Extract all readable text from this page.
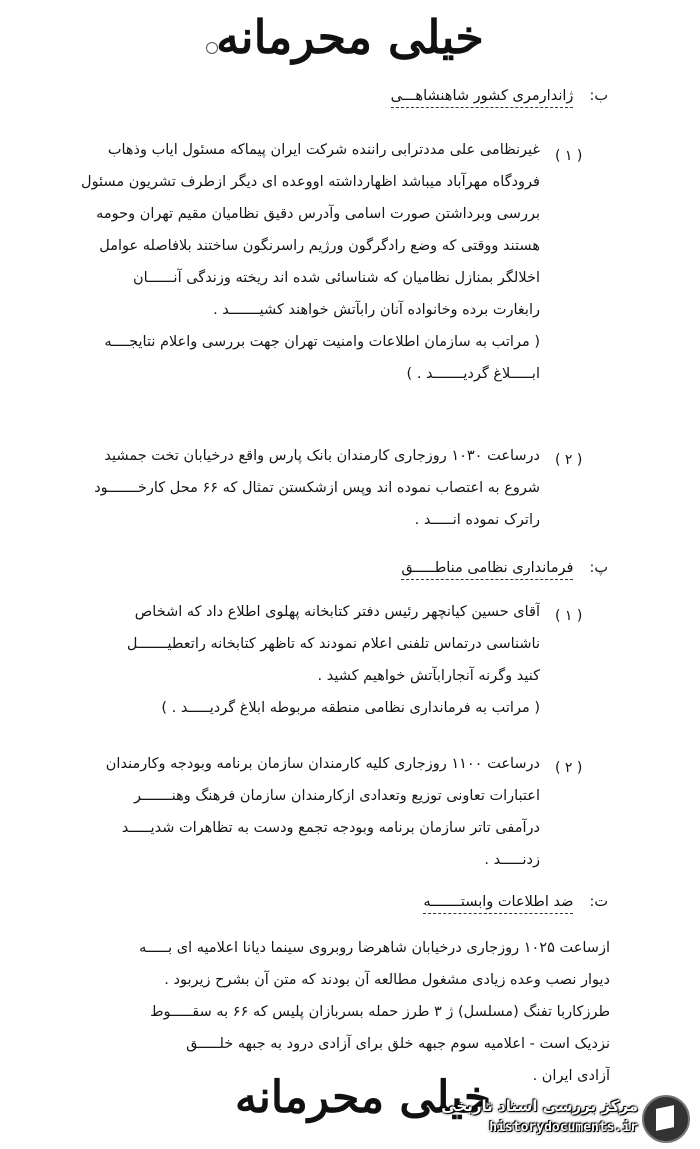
خیلی محرمانه
ب: ژاندارمری کشور شاهنشاهـــی
( ۱ )
غیرنظامی علی مددترابی راننده شرکت ایران پیماکه مسئول ایاب وذهاب
فرودگاه مهرآباد میباشد اظهارداشته اووعده ای دیگر ازطرف تشریون مسئول
بررسی وبرداشتن صورت اسامی وآدرس دقیق نظامیان مقیم تهران وحومه
هستند ووقتی که وضع رادگرگون ورژیم راسرنگون ساختند بلافاصله عوامل
اخلالگر بمنازل نظامیان که شناسائی شده اند ریخته وزندگی آنــــــان
رابغارت برده وخانواده آنان رابآتش خواهند کشیـــــــد .
( مراتب به سازمان اطلاعات وامنیت تهران جهت بررسی واعلام نتایجــــه
ابـــــلاغ گردیـــــــد . )
( ۲ )
درساعت ۱۰۳۰ روزجاری کارمندان بانک پارس واقع درخیابان تخت جمشید
شروع به اعتصاب نموده اند وپس ازشکستن تمثال که ۶۶ محل کارخـــــــود
راترک نموده انـــــد .
پ: فرمانداری نظامی مناطـــــق
( ۱ )
آقای حسین کیانچهر رئیس دفتر کتابخانه پهلوی اطلاع داد که اشخاص
ناشناسی درتماس تلفنی اعلام نمودند که تاظهر کتابخانه راتعطیـــــــل
کنید وگرنه آنجارابآتش خواهیم کشید .
( مراتب به فرمانداری نظامی منطقه مربوطه ابلاغ گردیـــــد . )
( ۲ )
درساعت ۱۱۰۰ روزجاری کلیه کارمندان سازمان برنامه وبودجه وکارمندان
اعتبارات تعاونی توزیع وتعدادی ازکارمندان سازمان فرهنگ وهنـــــــر
درآمفی تاتر سازمان برنامه وبودجه تجمع ودست به تظاهرات شدیـــــد
زدنـــــد .
ت: ضد اطلاعات وابستـــــــه
ازساعت ۱۰۲۵ روزجاری درخیابان شاهرضا روبروی سینما دیانا اعلامیه ای بـــــه
دیوار نصب وعده زیادی مشغول مطالعه آن بودند که متن آن بشرح زیربود .
طرزکاربا تفنگ (مسلسل) ژ ۳ طرز حمله بسربازان پلیس که ۶۶ به سقـــــوط
نزدیک است - اعلامیه سوم جبهه خلق برای آزادی درود به جبهه خلـــــق
آزادی ایران .
خیلی محرمانه
مرکز بررسی اسناد تاریخی
historydocuments.ir
